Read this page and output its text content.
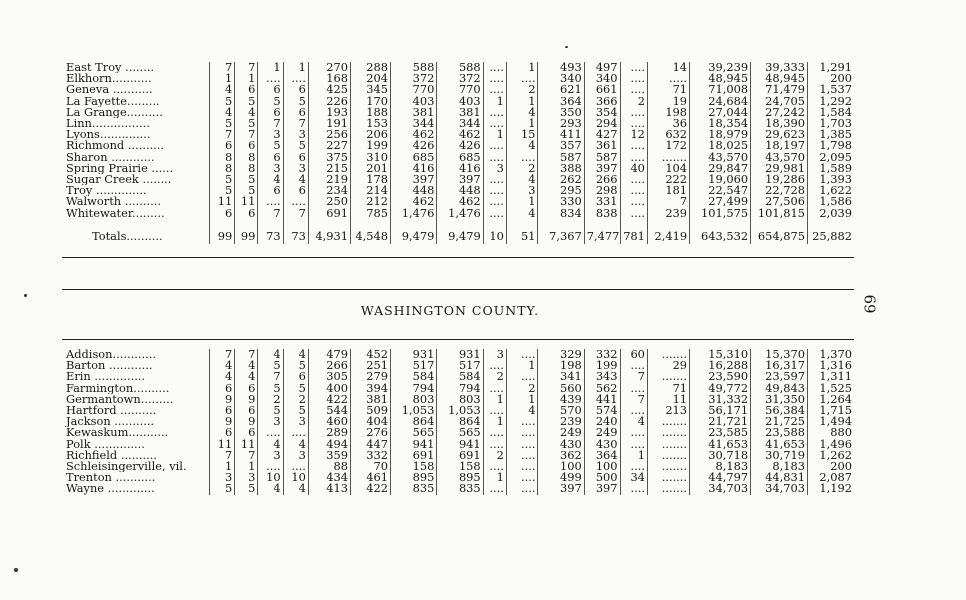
East Troy ........	7	7	1	1	270	288	588	588	....	1	493	497	....	14	39,239	39,333	1,291
Elkhorn...........	1	1	....	....	168	204	372	372	....	....	340	340	....	.....	48,945	48,945	200
Geneva ...........	4	6	6	6	425	345	770	770	....	2	621	661	....	71	71,008	71,479	1,537
La Fayette.........	5	5	5	5	226	170	403	403	1	1	364	366	2	19	24,684	24,705	1,292
La Grange..........	4	4	6	6	193	188	381	381	....	4	350	354	....	198	27,044	27,242	1,584
Linn................	5	5	7	7	191	153	344	344	....	1	293	294	....	36	18,354	18,390	1,703
Lyons..............	7	7	3	3	256	206	462	462	1	15	411	427	12	632	18,979	29,623	1,385
Richmond ..........	6	6	5	5	227	199	426	426	....	4	357	361	....	172	18,025	18,197	1,798
Sharon ............	8	8	6	6	375	310	685	685	....	....	587	587	....	.......	43,570	43,570	2,095
Spring Prairie ......	8	8	3	3	215	201	416	416	3	2	388	397	40	104	29,847	29,981	1,589
Sugar Creek ........	5	5	4	4	219	178	397	397	....	4	262	266	....	222	19,060	19,286	1,393
Troy ..............	5	5	6	6	234	214	448	448	....	3	295	298	....	181	22,547	22,728	1,622
Walworth ..........	11	11	....	....	250	212	462	462	....	1	330	331	....	7	27,499	27,506	1,586
Whitewater.........	6	6	7	7	691	785	1,476	1,476	....	4	834	838	....	239	101,575	101,815	2,039

Totals..........	99	99	73	73	4,931	4,548	9,479	9,479	10	51	7,367	7,477	781	2,419	643,532	654,875	25,882
WASHINGTON COUNTY.	69
Addison............	7	7	4	4	479	452	931	931	3	....	329	332	60	.......	15,310	15,370	1,370
Barton ............	4	4	5	5	266	251	517	517	....	1	198	199	....	29	16,288	16,317	1,316
Erin ..............	4	4	7	6	305	279	584	584	2	....	341	343	7	.......	23,590	23,597	1,311
Farmington..........	6	6	5	5	400	394	794	794	....	2	560	562	....	71	49,772	49,843	1,525
Germantown.........	9	9	2	2	422	381	803	803	1	1	439	441	7	11	31,332	31,350	1,264
Hartford ..........	6	6	5	5	544	509	1,053	1,053	....	4	570	574	....	213	56,171	56,384	1,715
Jackson ...........	9	9	3	3	460	404	864	864	1	....	239	240	4	.......	21,721	21,725	1,494
Kewaskum...........	6	6	....	....	289	276	565	565	....	....	249	249	....	.......	23,585	23,588	880
Polk ..............	11	11	4	4	494	447	941	941	....	....	430	430	....	.......	41,653	41,653	1,496
Richfield ..........	7	7	3	3	359	332	691	691	2	....	362	364	1	.......	30,718	30,719	1,262
Schleisingerville, vil.	1	1	....	....	88	70	158	158	....	....	100	100	....	.......	8,183	8,183	200
Trenton ...........	3	3	10	10	434	461	895	895	1	....	499	500	34	.......	44,797	44,831	2,087
Wayne .............	5	5	4	4	413	422	835	835	....	....	397	397	....	.......	34,703	34,703	1,192
